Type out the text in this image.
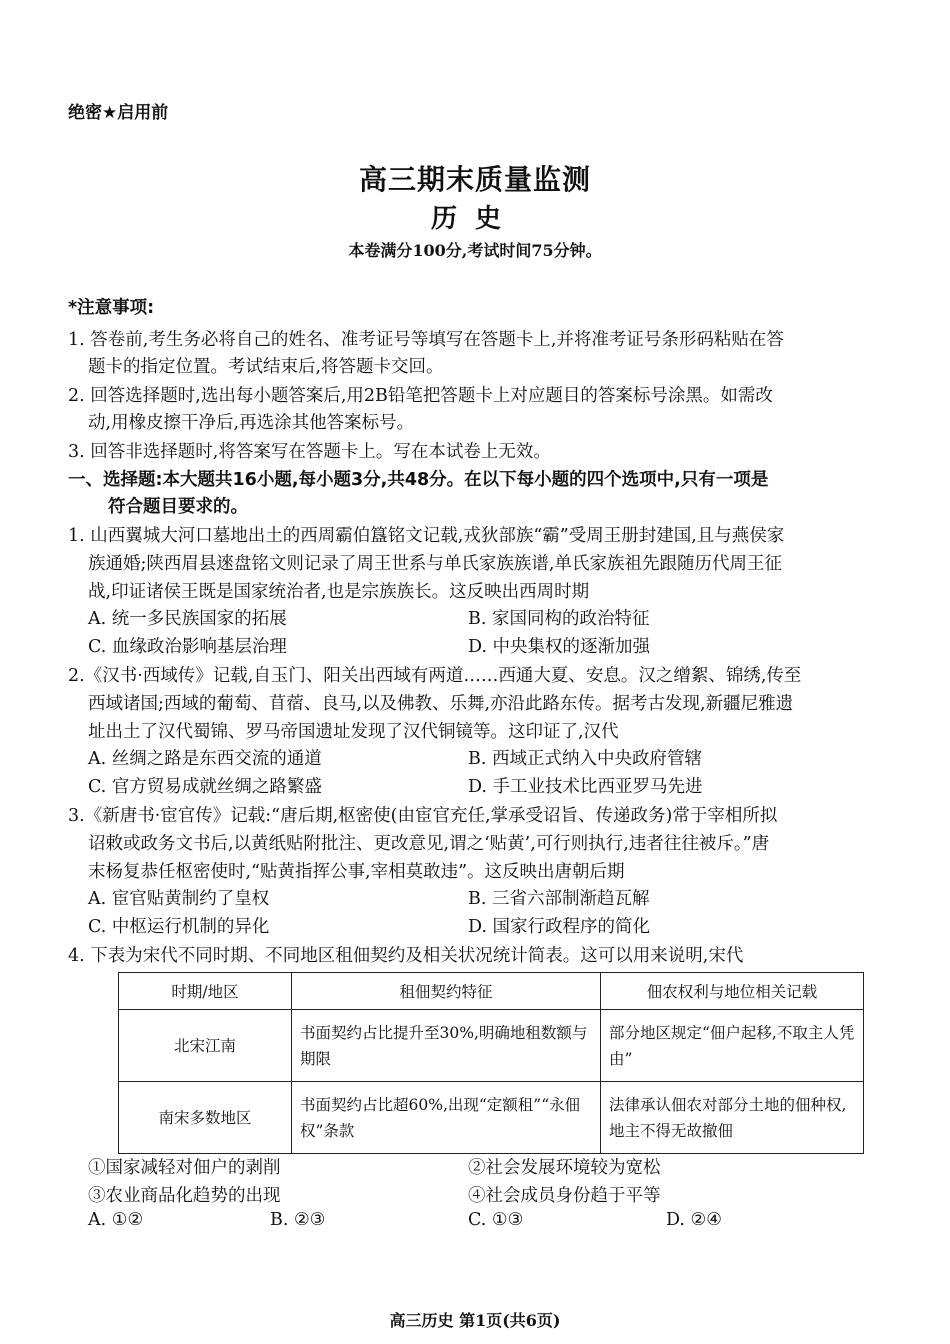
绝密★启用前
高三期末质量监测
历史
本卷满分100分,考试时间75分钟。
*注意事项:
1. 答卷前,考生务必将自己的姓名、准考证号等填写在答题卡上,并将准考证号条形码粘贴在答
题卡的指定位置。考试结束后,将答题卡交回。
2. 回答选择题时,选出每小题答案后,用2B铅笔把答题卡上对应题目的答案标号涂黑。如需改
动,用橡皮擦干净后,再选涂其他答案标号。
3. 回答非选择题时,将答案写在答题卡上。写在本试卷上无效。
一、选择题:本大题共16小题,每小题3分,共48分。在以下每小题的四个选项中,只有一项是
符合题目要求的。
1. 山西翼城大河口墓地出土的西周霸伯簋铭文记载,戎狄部族“霸”受周王册封建国,且与燕侯家
族通婚;陕西眉县逨盘铭文则记录了周王世系与单氏家族族谱,单氏家族祖先跟随历代周王征
战,印证诸侯王既是国家统治者,也是宗族族长。这反映出西周时期
A. 统一多民族国家的拓展	B. 家国同构的政治特征
C. 血缘政治影响基层治理	D. 中央集权的逐渐加强
2.《汉书·西域传》记载,自玉门、阳关出西域有两道……西通大夏、安息。汉之缯絮、锦绣,传至
西域诸国;西域的葡萄、苜蓿、良马,以及佛教、乐舞,亦沿此路东传。据考古发现,新疆尼雅遗
址出土了汉代蜀锦、罗马帝国遗址发现了汉代铜镜等。这印证了,汉代
A. 丝绸之路是东西交流的通道	B. 西域正式纳入中央政府管辖
C. 官方贸易成就丝绸之路繁盛	D. 手工业技术比西亚罗马先进
3.《新唐书·宦官传》记载:“唐后期,枢密使(由宦官充任,掌承受诏旨、传递政务)常于宰相所拟
诏敕或政务文书后,以黄纸贴附批注、更改意见,谓之‘贴黄’,可行则执行,违者往往被斥。”唐
末杨复恭任枢密使时,“贴黄指挥公事,宰相莫敢违”。这反映出唐朝后期
A. 宦官贴黄制约了皇权	B. 三省六部制渐趋瓦解
C. 中枢运行机制的异化	D. 国家行政程序的简化
4. 下表为宋代不同时期、不同地区租佃契约及相关状况统计简表。这可以用来说明,宋代
时期/地区	租佃契约特征	佃农权利与地位相关记载
北宋江南	书面契约占比提升至30%,明确地租数额与期限	部分地区规定“佃户起移,不取主人凭由”
南宋多数地区	书面契约占比超60%,出现“定额租”“永佃权”条款	法律承认佃农对部分土地的佃种权,地主不得无故撤佃
①国家减轻对佃户的剥削	②社会发展环境较为宽松
③农业商品化趋势的出现	④社会成员身份趋于平等
A. ①②	B. ②③	C. ①③	D. ②④
高三历史 第1页(共6页)
